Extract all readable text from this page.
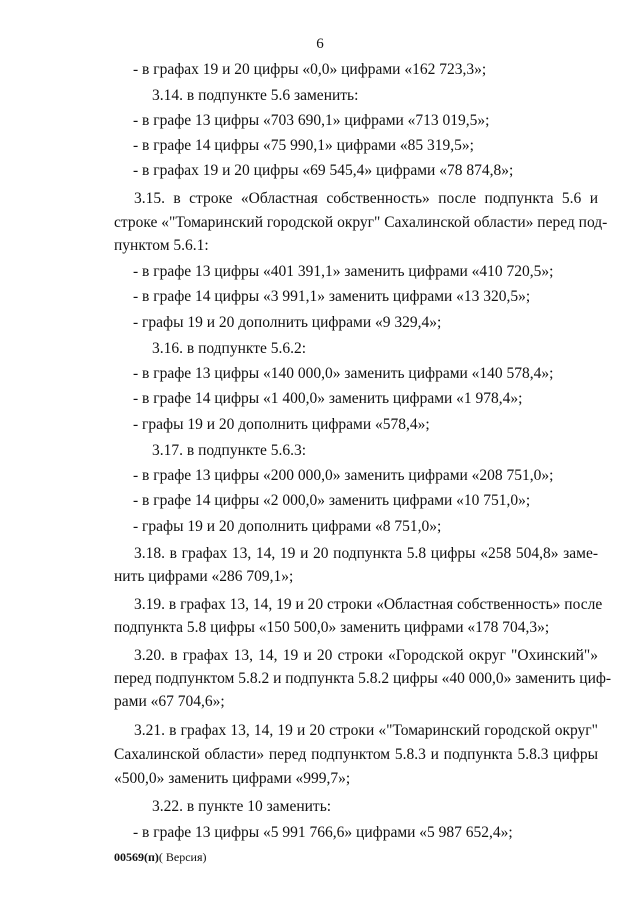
6
- в графах 19 и 20 цифры «0,0» цифрами «162 723,3»;
3.14. в подпункте 5.6 заменить:
- в графе 13 цифры «703 690,1» цифрами «713 019,5»;
- в графе 14 цифры «75 990,1» цифрами «85 319,5»;
- в графах 19 и 20 цифры «69 545,4» цифрами «78 874,8»;
3.15. в строке «Областная собственность» после подпункта 5.6 и
строке «"Томаринский городской округ" Сахалинской области» перед под-
пунктом 5.6.1:
- в графе 13 цифры «401 391,1» заменить цифрами «410 720,5»;
- в графе 14 цифры «3 991,1» заменить цифрами «13 320,5»;
- графы 19 и 20 дополнить цифрами «9 329,4»;
3.16. в подпункте 5.6.2:
- в графе 13 цифры «140 000,0» заменить цифрами «140 578,4»;
- в графе 14 цифры «1 400,0» заменить цифрами «1 978,4»;
- графы 19 и 20 дополнить цифрами «578,4»;
3.17. в подпункте 5.6.3:
- в графе 13 цифры «200 000,0» заменить цифрами «208 751,0»;
- в графе 14 цифры «2 000,0» заменить цифрами «10 751,0»;
- графы 19 и 20 дополнить цифрами «8 751,0»;
3.18. в графах 13, 14, 19 и 20 подпункта 5.8 цифры «258 504,8» заме-
нить цифрами «286 709,1»;
3.19. в графах 13, 14, 19 и 20 строки «Областная собственность» после
подпункта 5.8 цифры «150 500,0» заменить цифрами «178 704,3»;
3.20. в графах 13, 14, 19 и 20 строки «Городской округ "Охинский"»
перед подпунктом 5.8.2 и подпункта 5.8.2 цифры «40 000,0» заменить циф-
рами «67 704,6»;
3.21. в графах 13, 14, 19 и 20 строки «"Томаринский городской округ"
Сахалинской области» перед подпунктом 5.8.3 и подпункта 5.8.3 цифры
«500,0» заменить цифрами «999,7»;
3.22. в пункте 10 заменить:
- в графе 13 цифры «5 991 766,6» цифрами «5 987 652,4»;
00569(п)( Версия)
